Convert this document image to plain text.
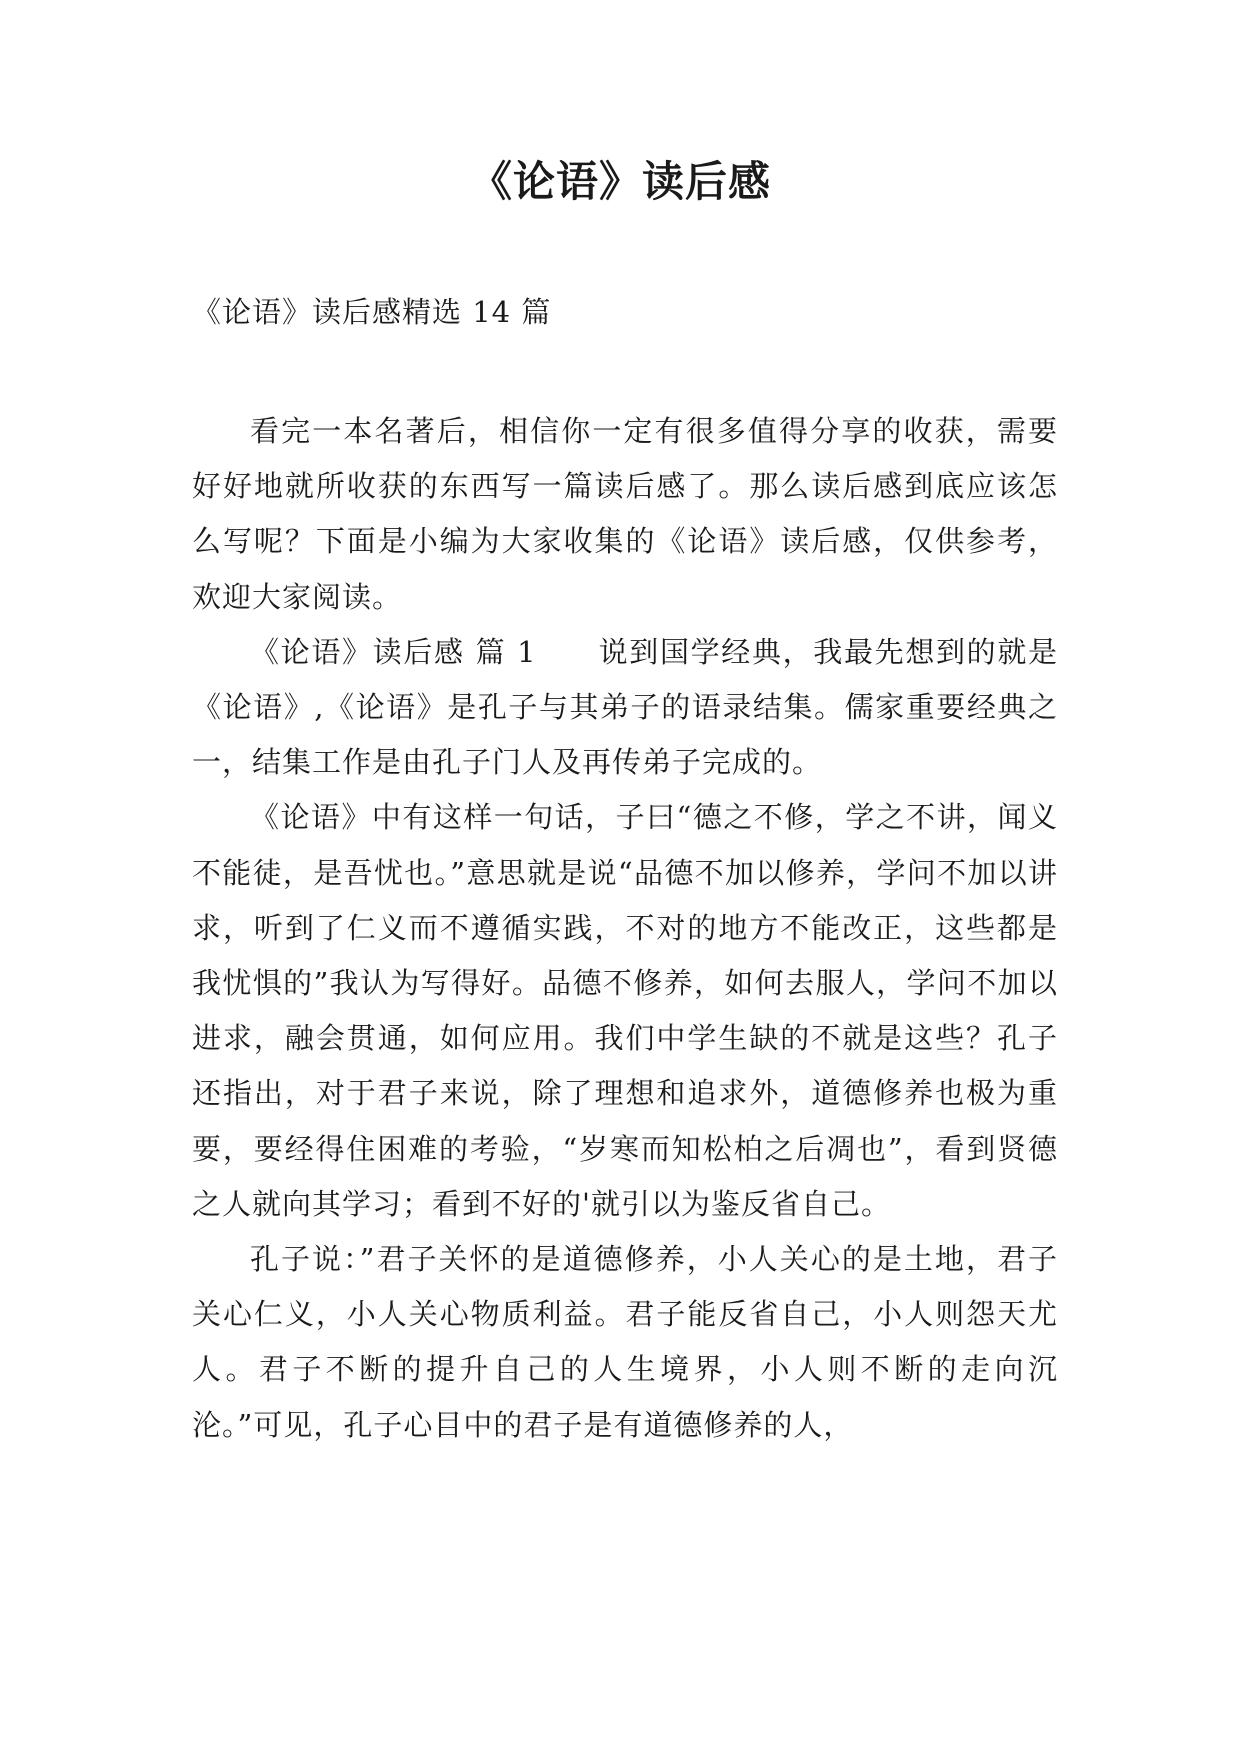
《论语》读后感
《论语》读后感精选 14 篇

看完一本名著后，相信你一定有很多值得分享的收获，需要好好地就所收获的东西写一篇读后感了。那么读后感到底应该怎么写呢？下面是小编为大家收集的《论语》读后感，仅供参考，欢迎大家阅读。

《论语》读后感 篇 1　　说到国学经典，我最先想到的就是《论语》,《论语》是孔子与其弟子的语录结集。儒家重要经典之一，结集工作是由孔子门人及再传弟子完成的。

《论语》中有这样一句话，子曰“德之不修，学之不讲，闻义不能徒，是吾忧也。”意思就是说“品德不加以修养，学问不加以讲求，听到了仁义而不遵循实践，不对的地方不能改正，这些都是我忧惧的”我认为写得好。品德不修养，如何去服人，学问不加以进求，融会贯通，如何应用。我们中学生缺的不就是这些？孔子还指出，对于君子来说，除了理想和追求外，道德修养也极为重要，要经得住困难的考验，“岁寒而知松柏之后凋也”，看到贤德之人就向其学习；看到不好的'就引以为鉴反省自己。

孔子说：”君子关怀的是道德修养，小人关心的是土地，君子关心仁义，小人关心物质利益。君子能反省自己，小人则怨天尤人。君子不断的提升自己的人生境界，小人则不断的走向沉沦。”可见，孔子心目中的君子是有道德修养的人，
